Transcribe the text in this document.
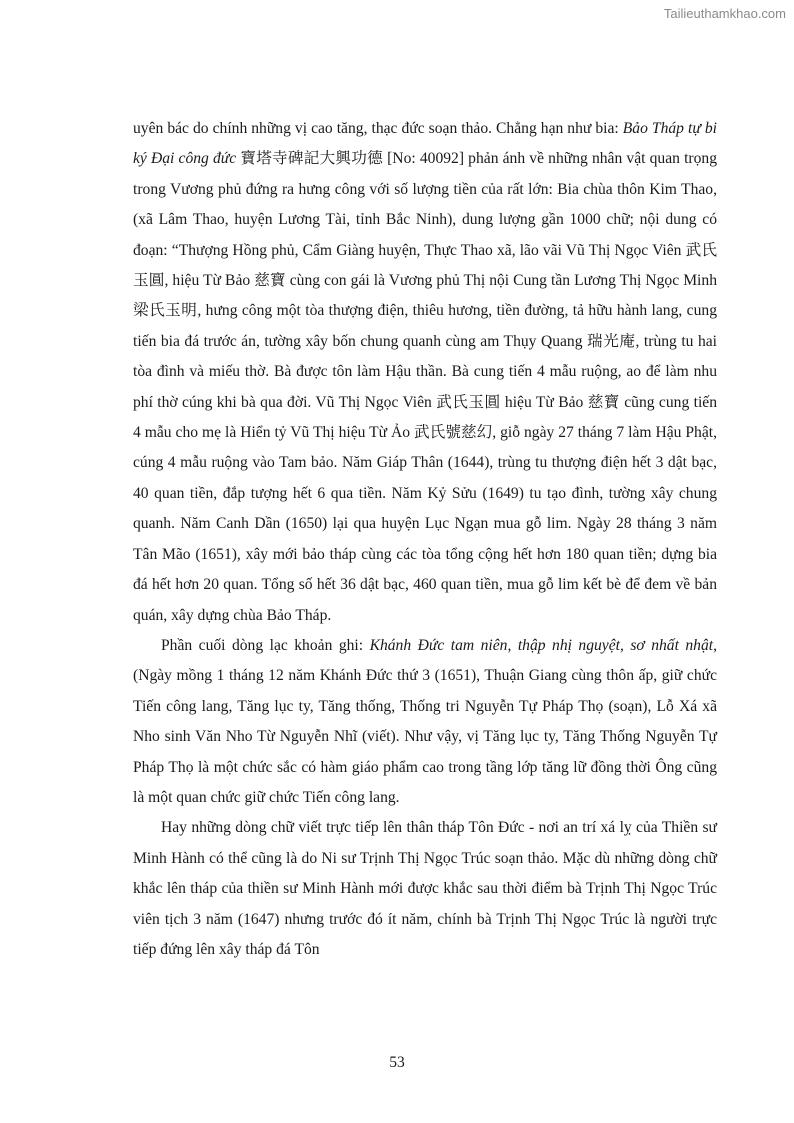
Tailieuthamkhao.com

uyên bác do chính những vị cao tăng, thạc đức soạn thảo. Chẳng hạn như bia: Bảo Tháp tự bi ký Đại công đức 寶塔寺碑記大興功德 [No: 40092] phản ánh về những nhân vật quan trọng trong Vương phủ đứng ra hưng công với số lượng tiền của rất lớn: Bia chùa thôn Kim Thao, (xã Lâm Thao, huyện Lương Tài, tỉnh Bắc Ninh), dung lượng gần 1000 chữ; nội dung có đoạn: “Thượng Hồng phủ, Cẩm Giàng huyện, Thực Thao xã, lão vãi Vũ Thị Ngọc Viên 武氏玉圓, hiệu Từ Bảo 慈寶 cùng con gái là Vương phủ Thị nội Cung tần Lương Thị Ngọc Minh 梁氏玉明, hưng công một tòa thượng điện, thiêu hương, tiền đường, tả hữu hành lang, cung tiến bia đá trước án, tường xây bốn chung quanh cùng am Thụy Quang 瑞光庵, trùng tu hai tòa đình và miếu thờ. Bà được tôn làm Hậu thần. Bà cung tiến 4 mẫu ruộng, ao để làm nhu phí thờ cúng khi bà qua đời. Vũ Thị Ngọc Viên 武氏玉圓 hiệu Từ Bảo 慈寶 cũng cung tiến 4 mẫu cho mẹ là Hiển tỷ Vũ Thị hiệu Từ Ảo 武氏號慈幻, giỗ ngày 27 tháng 7 làm Hậu Phật, cúng 4 mẫu ruộng vào Tam bảo. Năm Giáp Thân (1644), trùng tu thượng điện hết 3 dật bạc, 40 quan tiền, đắp tượng hết 6 qua tiền. Năm Kỷ Sửu (1649) tu tạo đình, tường xây chung quanh. Năm Canh Dần (1650) lại qua huyện Lục Ngạn mua gỗ lim. Ngày 28 tháng 3 năm Tân Mão (1651), xây mới bảo tháp cùng các tòa tổng cộng hết hơn 180 quan tiền; dựng bia đá hết hơn 20 quan. Tổng số hết 36 dật bạc, 460 quan tiền, mua gỗ lim kết bè để đem về bản quán, xây dựng chùa Bảo Tháp.

Phần cuối dòng lạc khoản ghi: Khánh Đức tam niên, thập nhị nguyệt, sơ nhất nhật, (Ngày mồng 1 tháng 12 năm Khánh Đức thứ 3 (1651), Thuận Giang cùng thôn ấp, giữ chức Tiến công lang, Tăng lục ty, Tăng thống, Thống tri Nguyễn Tự Pháp Thọ (soạn), Lỗ Xá xã Nho sinh Văn Nho Từ Nguyễn Nhĩ (viết). Như vậy, vị Tăng lục ty, Tăng Thống Nguyễn Tự Pháp Thọ là một chức sắc có hàm giáo phẩm cao trong tầng lớp tăng lữ đồng thời Ông cũng là một quan chức giữ chức Tiến công lang.

Hay những dòng chữ viết trực tiếp lên thân tháp Tôn Đức - nơi an trí xá lỵ của Thiền sư Minh Hành có thể cũng là do Ni sư Trịnh Thị Ngọc Trúc soạn thảo. Mặc dù những dòng chữ khắc lên tháp của thiền sư Minh Hành mới được khắc sau thời điểm bà Trịnh Thị Ngọc Trúc viên tịch 3 năm (1647) nhưng trước đó ít năm, chính bà Trịnh Thị Ngọc Trúc là người trực tiếp đứng lên xây tháp đá Tôn

53
